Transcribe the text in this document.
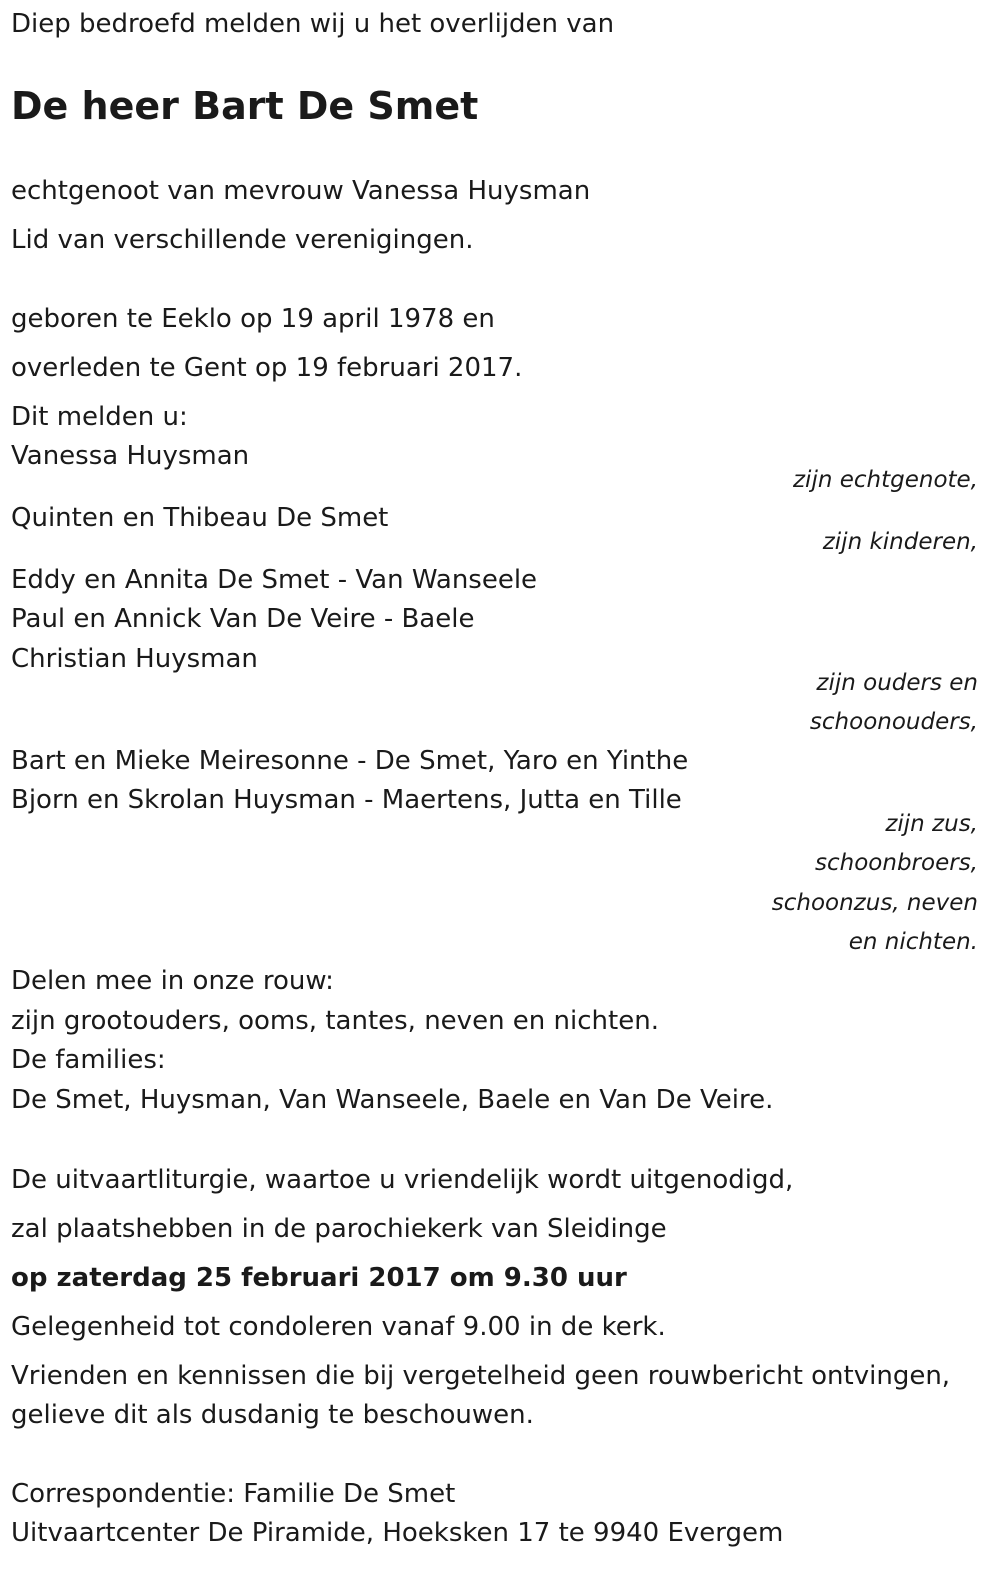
Diep bedroefd melden wij u het overlijden van
De heer Bart De Smet
echtgenoot van mevrouw Vanessa Huysman
Lid van verschillende verenigingen.
geboren te Eeklo op 19 april 1978 en
overleden te Gent op 19 februari 2017.
Dit melden u:
Vanessa Huysman
zijn echtgenote,
Quinten en Thibeau De Smet
zijn kinderen,
Eddy en Annita De Smet - Van Wanseele
Paul en Annick Van De Veire - Baele
Christian Huysman
zijn ouders en
schoonouders,
Bart en Mieke Meiresonne - De Smet, Yaro en Yinthe
Bjorn en Skrolan Huysman - Maertens, Jutta en Tille
zijn zus,
schoonbroers,
schoonzus, neven
en nichten.
Delen mee in onze rouw:
zijn grootouders, ooms, tantes, neven en nichten.
De families:
De Smet, Huysman, Van Wanseele, Baele en Van De Veire.
De uitvaartliturgie, waartoe u vriendelijk wordt uitgenodigd,
zal plaatshebben in de parochiekerk van Sleidinge
op zaterdag 25 februari 2017 om 9.30 uur
Gelegenheid tot condoleren vanaf 9.00 in de kerk.
Vrienden en kennissen die bij vergetelheid geen rouwbericht ontvingen,
gelieve dit als dusdanig te beschouwen.
Correspondentie: Familie De Smet
Uitvaartcenter De Piramide, Hoeksken 17 te 9940 Evergem
